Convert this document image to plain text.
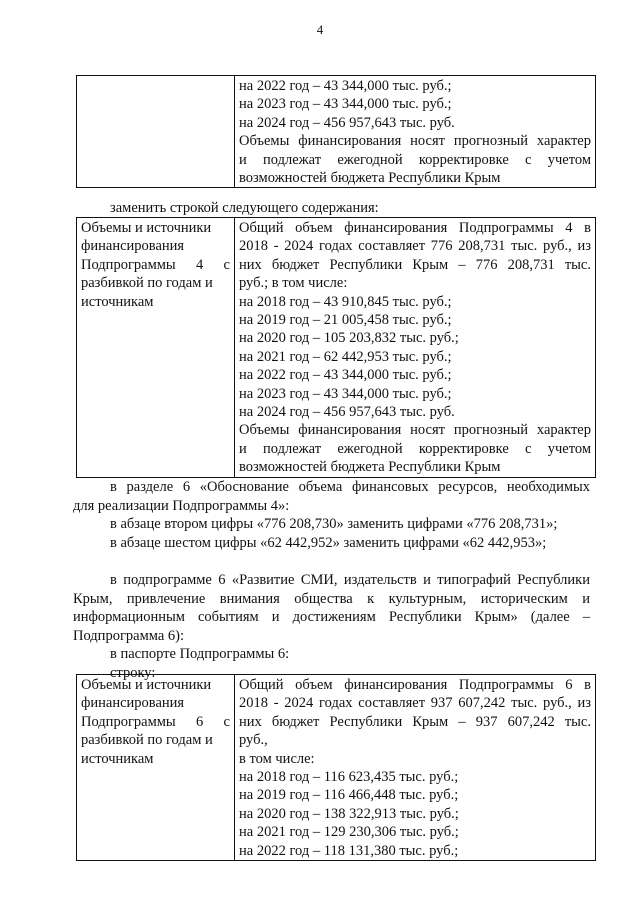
4

на 2022 год – 43 344,000 тыс. руб.;
на 2023 год – 43 344,000 тыс. руб.;
на 2024 год – 456 957,643 тыс. руб.
Объемы финансирования носят прогнозный характер
и подлежат ежегодной корректировке с учетом
возможностей бюджета Республики Крым
заменить строкой следующего содержания:
Объемы и источники
финансирования
Подпрограммы 4 с
разбивкой по годам и
источникам

Общий объем финансирования Подпрограммы 4 в
2018 - 2024 годах составляет 776 208,731 тыс. руб., из
них бюджет Республики Крым – 776 208,731 тыс.
руб.; в том числе:
на 2018 год – 43 910,845 тыс. руб.;
на 2019 год – 21 005,458 тыс. руб.;
на 2020 год – 105 203,832 тыс. руб.;
на 2021 год – 62 442,953 тыс. руб.;
на 2022 год – 43 344,000 тыс. руб.;
на 2023 год – 43 344,000 тыс. руб.;
на 2024 год – 456 957,643 тыс. руб.
Объемы финансирования носят прогнозный характер
и подлежат ежегодной корректировке с учетом
возможностей бюджета Республики Крым
в разделе 6 «Обоснование объема финансовых ресурсов, необходимых
для реализации Подпрограммы 4»:
в абзаце втором цифры «776 208,730» заменить цифрами «776 208,731»;
в абзаце шестом цифры «62 442,952» заменить цифрами «62 442,953»;
в подпрограмме 6 «Развитие СМИ, издательств и типографий Республики
Крым, привлечение внимания общества к культурным, историческим и
информационным событиям и достижениям Республики Крым» (далее –
Подпрограмма 6):
в паспорте Подпрограммы 6:
строку:
Объемы и источники
финансирования
Подпрограммы 6 с
разбивкой по годам и
источникам

Общий объем финансирования Подпрограммы 6 в
2018 - 2024 годах составляет 937 607,242 тыс. руб., из
них бюджет Республики Крым – 937 607,242 тыс.
руб.,
в том числе:
на 2018 год – 116 623,435 тыс. руб.;
на 2019 год – 116 466,448 тыс. руб.;
на 2020 год – 138 322,913 тыс. руб.;
на 2021 год – 129 230,306 тыс. руб.;
на 2022 год – 118 131,380 тыс. руб.;
